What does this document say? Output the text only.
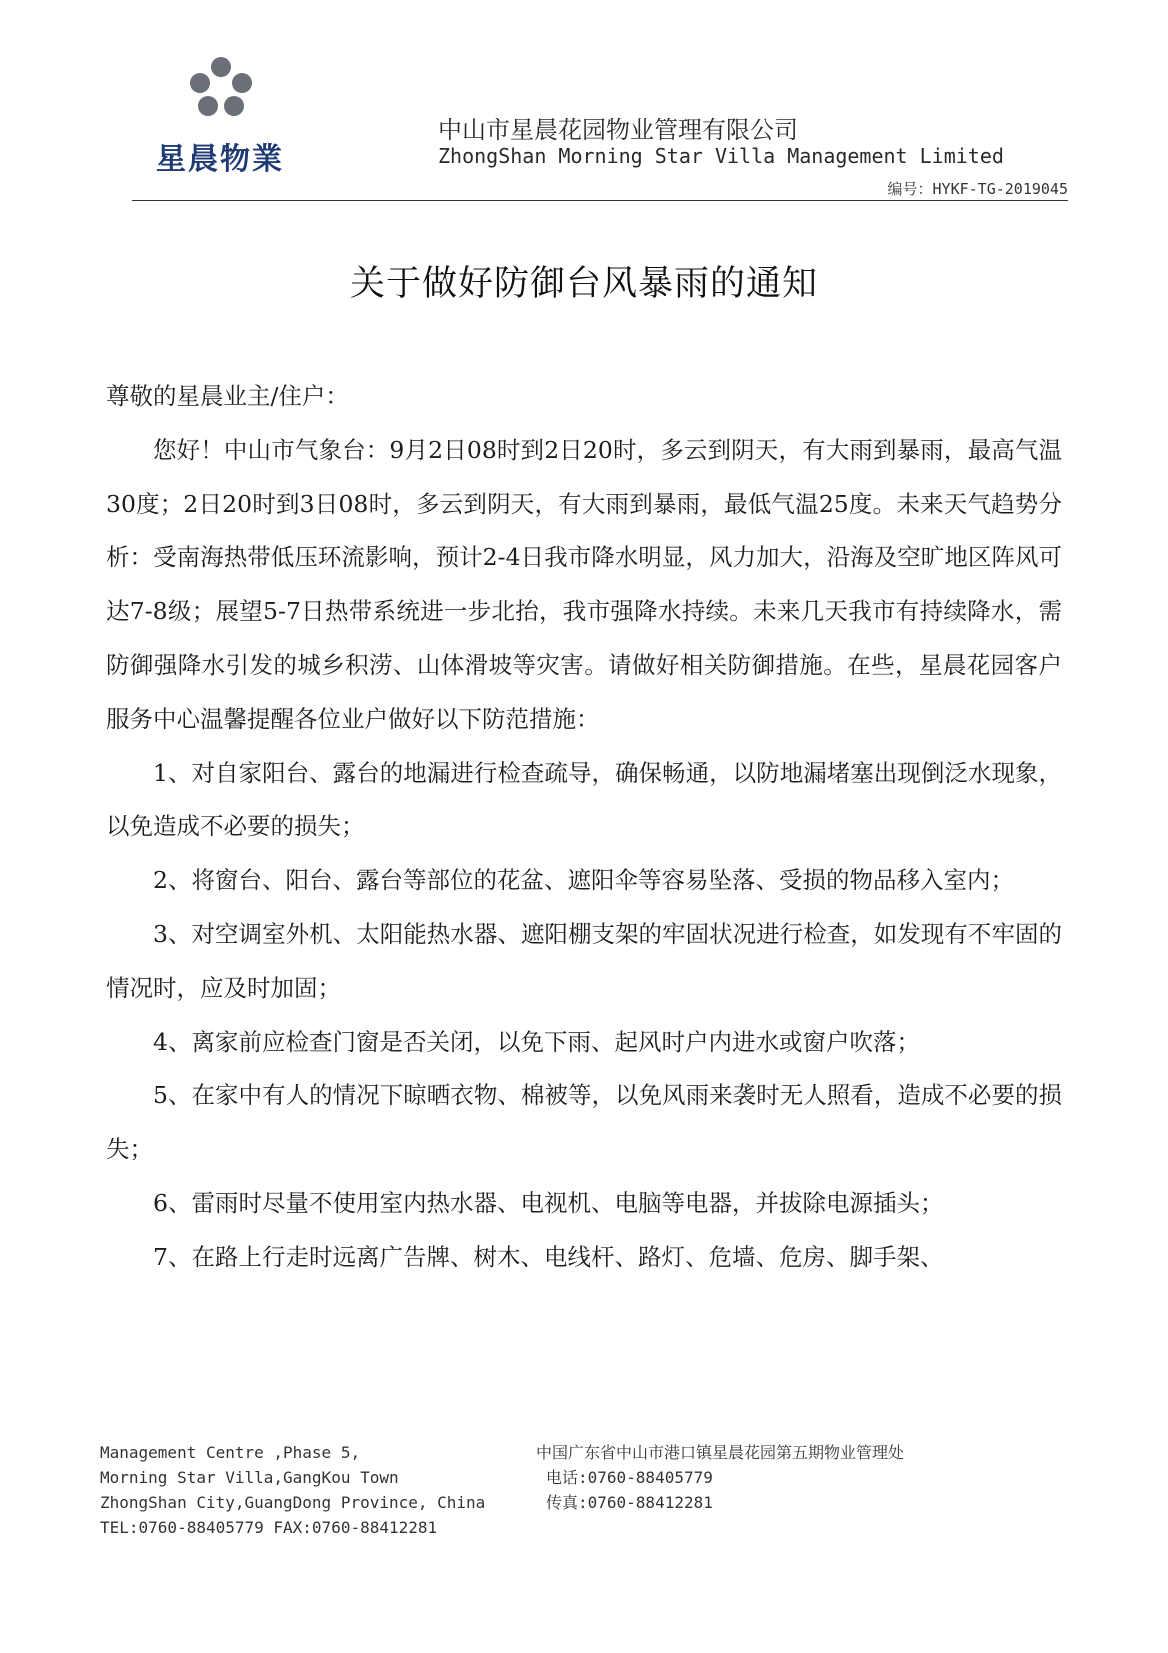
星晨物業
中山市星晨花园物业管理有限公司
ZhongShan Morning Star Villa Management Limited
编号：HYKF-TG-2019045
关于做好防御台风暴雨的通知

尊敬的星晨业主/住户：

您好！中山市气象台：9月2日08时到2日20时，多云到阴天，有大雨到暴雨，最高气温30度；2日20时到3日08时，多云到阴天，有大雨到暴雨，最低气温25度。未来天气趋势分析：受南海热带低压环流影响，预计2-4日我市降水明显，风力加大，沿海及空旷地区阵风可达7-8级；展望5-7日热带系统进一步北抬，我市强降水持续。未来几天我市有持续降水，需防御强降水引发的城乡积涝、山体滑坡等灾害。请做好相关防御措施。在些，星晨花园客户服务中心温馨提醒各位业户做好以下防范措施：

1、对自家阳台、露台的地漏进行检查疏导，确保畅通，以防地漏堵塞出现倒泛水现象，以免造成不必要的损失；

2、将窗台、阳台、露台等部位的花盆、遮阳伞等容易坠落、受损的物品移入室内；

3、对空调室外机、太阳能热水器、遮阳棚支架的牢固状况进行检查，如发现有不牢固的情况时，应及时加固；

4、离家前应检查门窗是否关闭，以免下雨、起风时户内进水或窗户吹落；

5、在家中有人的情况下晾晒衣物、棉被等，以免风雨来袭时无人照看，造成不必要的损失；

6、雷雨时尽量不使用室内热水器、电视机、电脑等电器，并拔除电源插头；

7、在路上行走时远离广告牌、树木、电线杆、路灯、危墙、危房、脚手架、

Management Centre ,Phase 5,
Morning Star Villa,GangKou Town
ZhongShan City,GuangDong Province, China
TEL:0760-88405779 FAX:0760-88412281
中国广东省中山市港口镇星晨花园第五期物业管理处
电话:0760-88405779
传真:0760-88412281
